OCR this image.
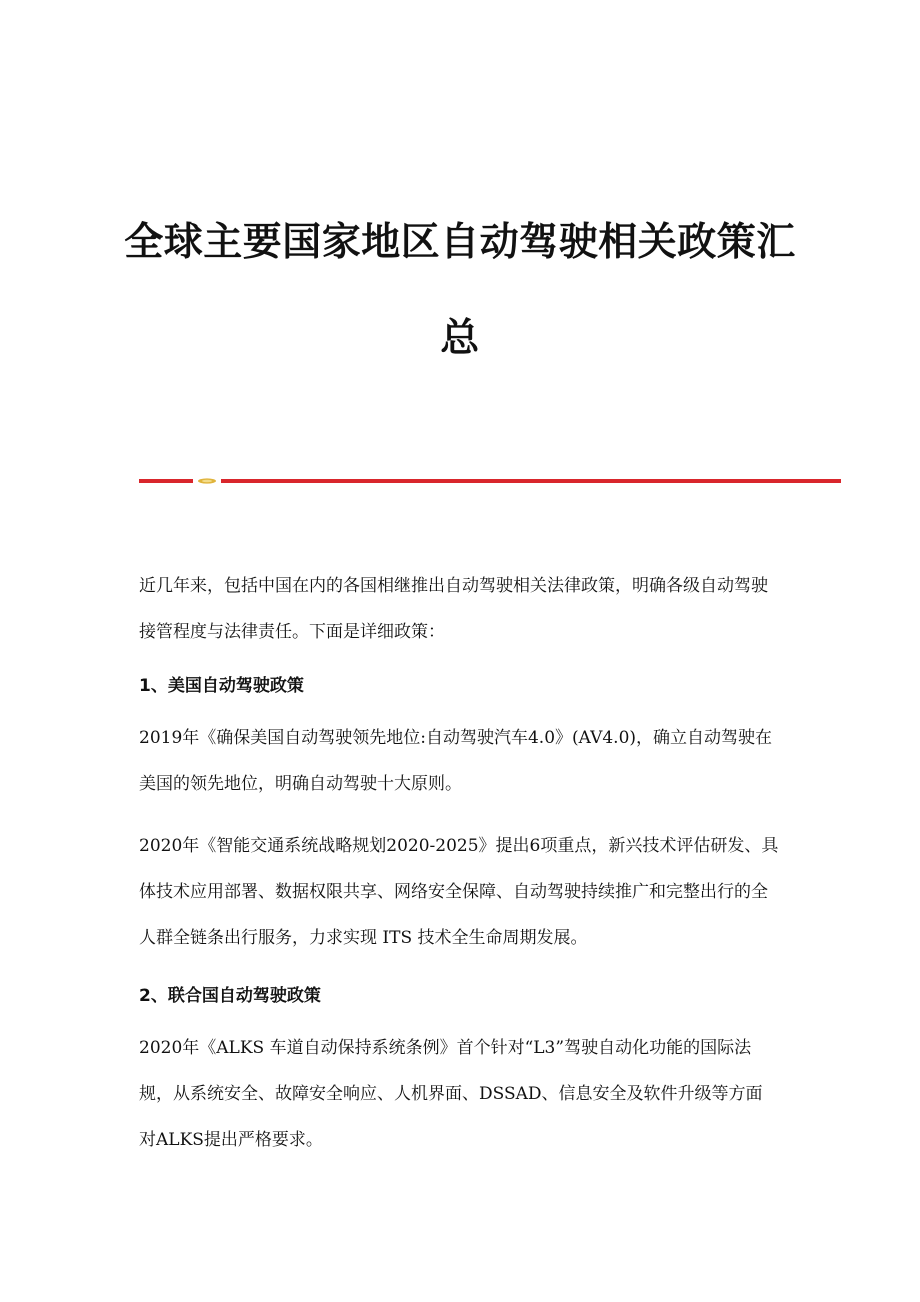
全球主要国家地区自动驾驶相关政策汇
总

近几年来，包括中国在内的各国相继推出自动驾驶相关法律政策，明确各级自动驾驶接管程度与法律责任。下面是详细政策：

1、美国自动驾驶政策

2019年《确保美国自动驾驶领先地位:自动驾驶汽车4.0》(AV4.0)，确立自动驾驶在美国的领先地位，明确自动驾驶十大原则。

2020年《智能交通系统战略规划2020-2025》提出6项重点，新兴技术评估研发、具体技术应用部署、数据权限共享、网络安全保障、自动驾驶持续推广和完整出行的全人群全链条出行服务，力求实现 ITS 技术全生命周期发展。

2、联合国自动驾驶政策

2020年《ALKS 车道自动保持系统条例》首个针对“L3”驾驶自动化功能的国际法规，从系统安全、故障安全响应、人机界面、DSSAD、信息安全及软件升级等方面对ALKS提出严格要求。
